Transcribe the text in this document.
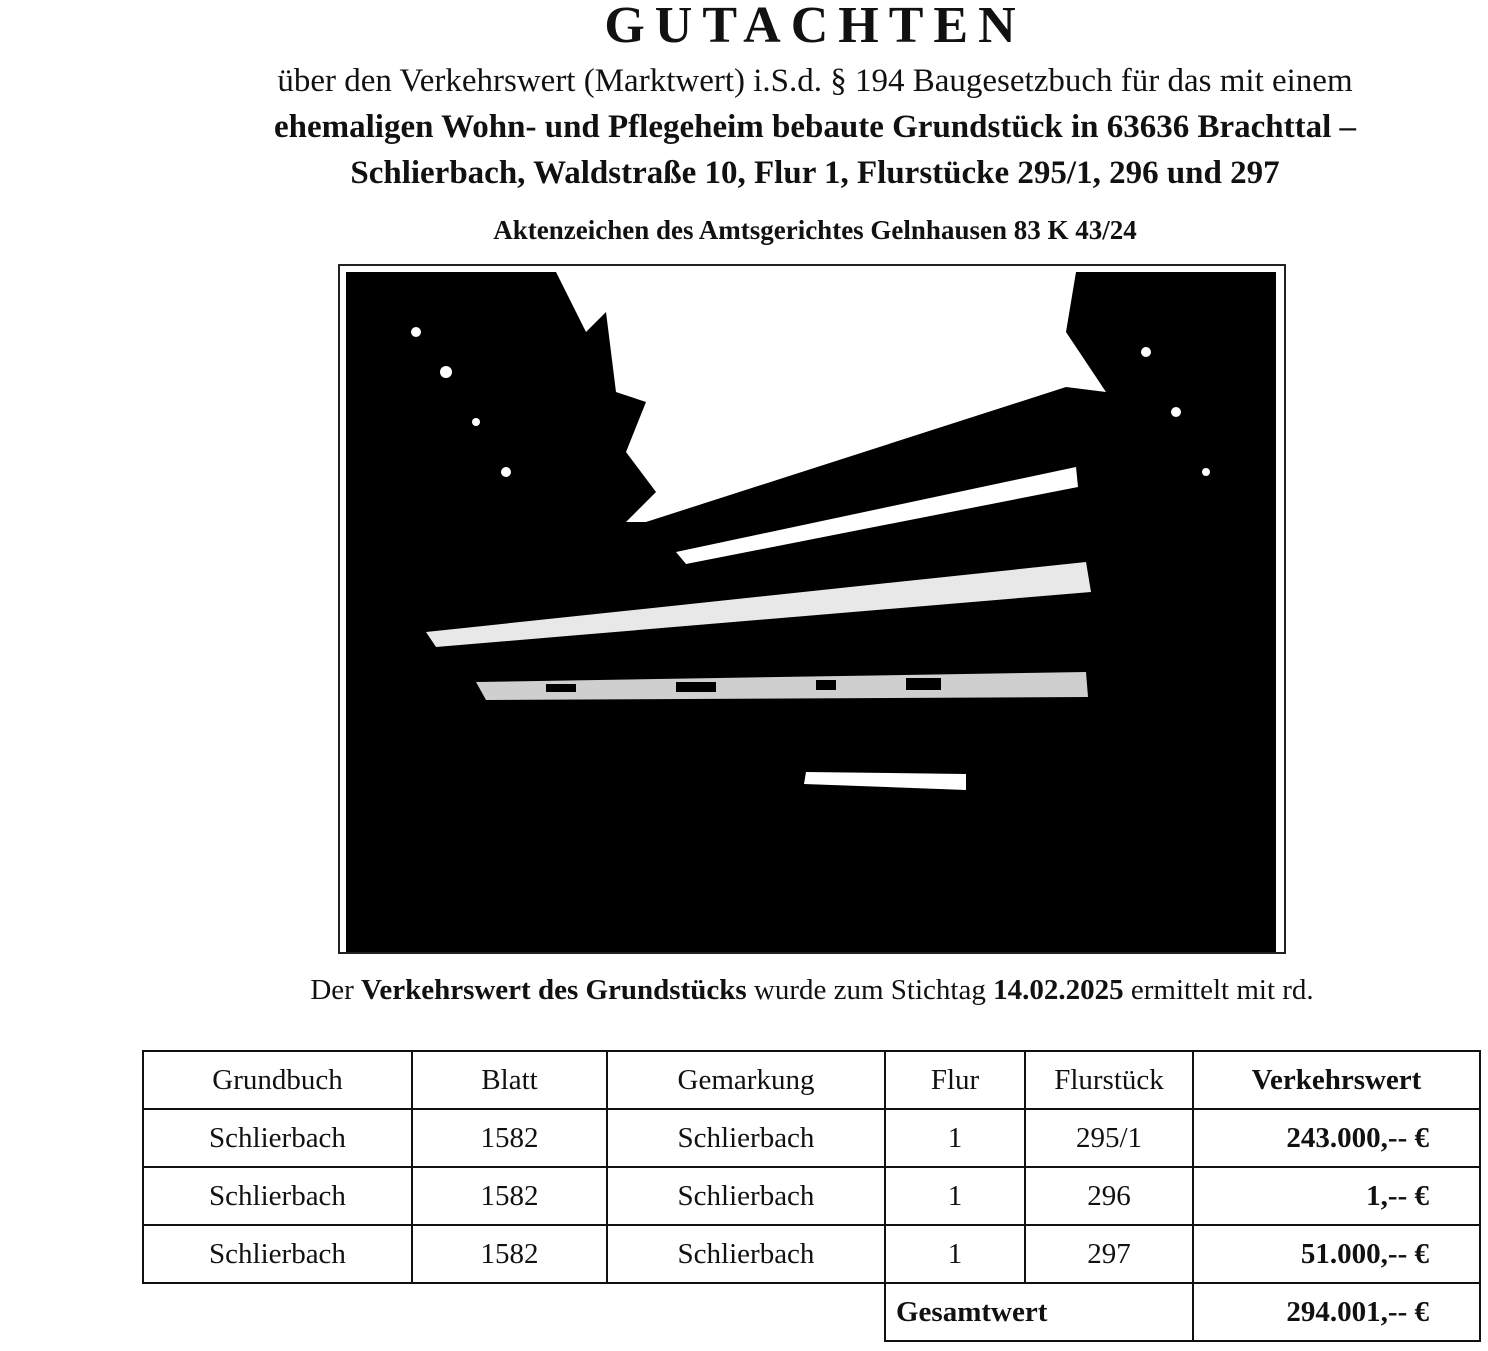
GUTACHTEN
über den Verkehrswert (Marktwert) i.S.d. § 194 Baugesetzbuch für das mit einem
ehemaligen Wohn- und Pflegeheim bebaute Grundstück in 63636 Brachttal –
Schlierbach, Waldstraße 10, Flur 1, Flurstücke 295/1, 296 und 297
Aktenzeichen des Amtsgerichtes Gelnhausen 83 K 43/24
Der Verkehrswert des Grundstücks wurde zum Stichtag 14.02.2025 ermittelt mit rd.
Grundbuch	Blatt	Gemarkung	Flur	Flurstück	Verkehrswert
Schlierbach	1582	Schlierbach	1	295/1	243.000,-- €
Schlierbach	1582	Schlierbach	1	296	1,-- €
Schlierbach	1582	Schlierbach	1	297	51.000,-- €
			Gesamtwert		294.001,-- €
